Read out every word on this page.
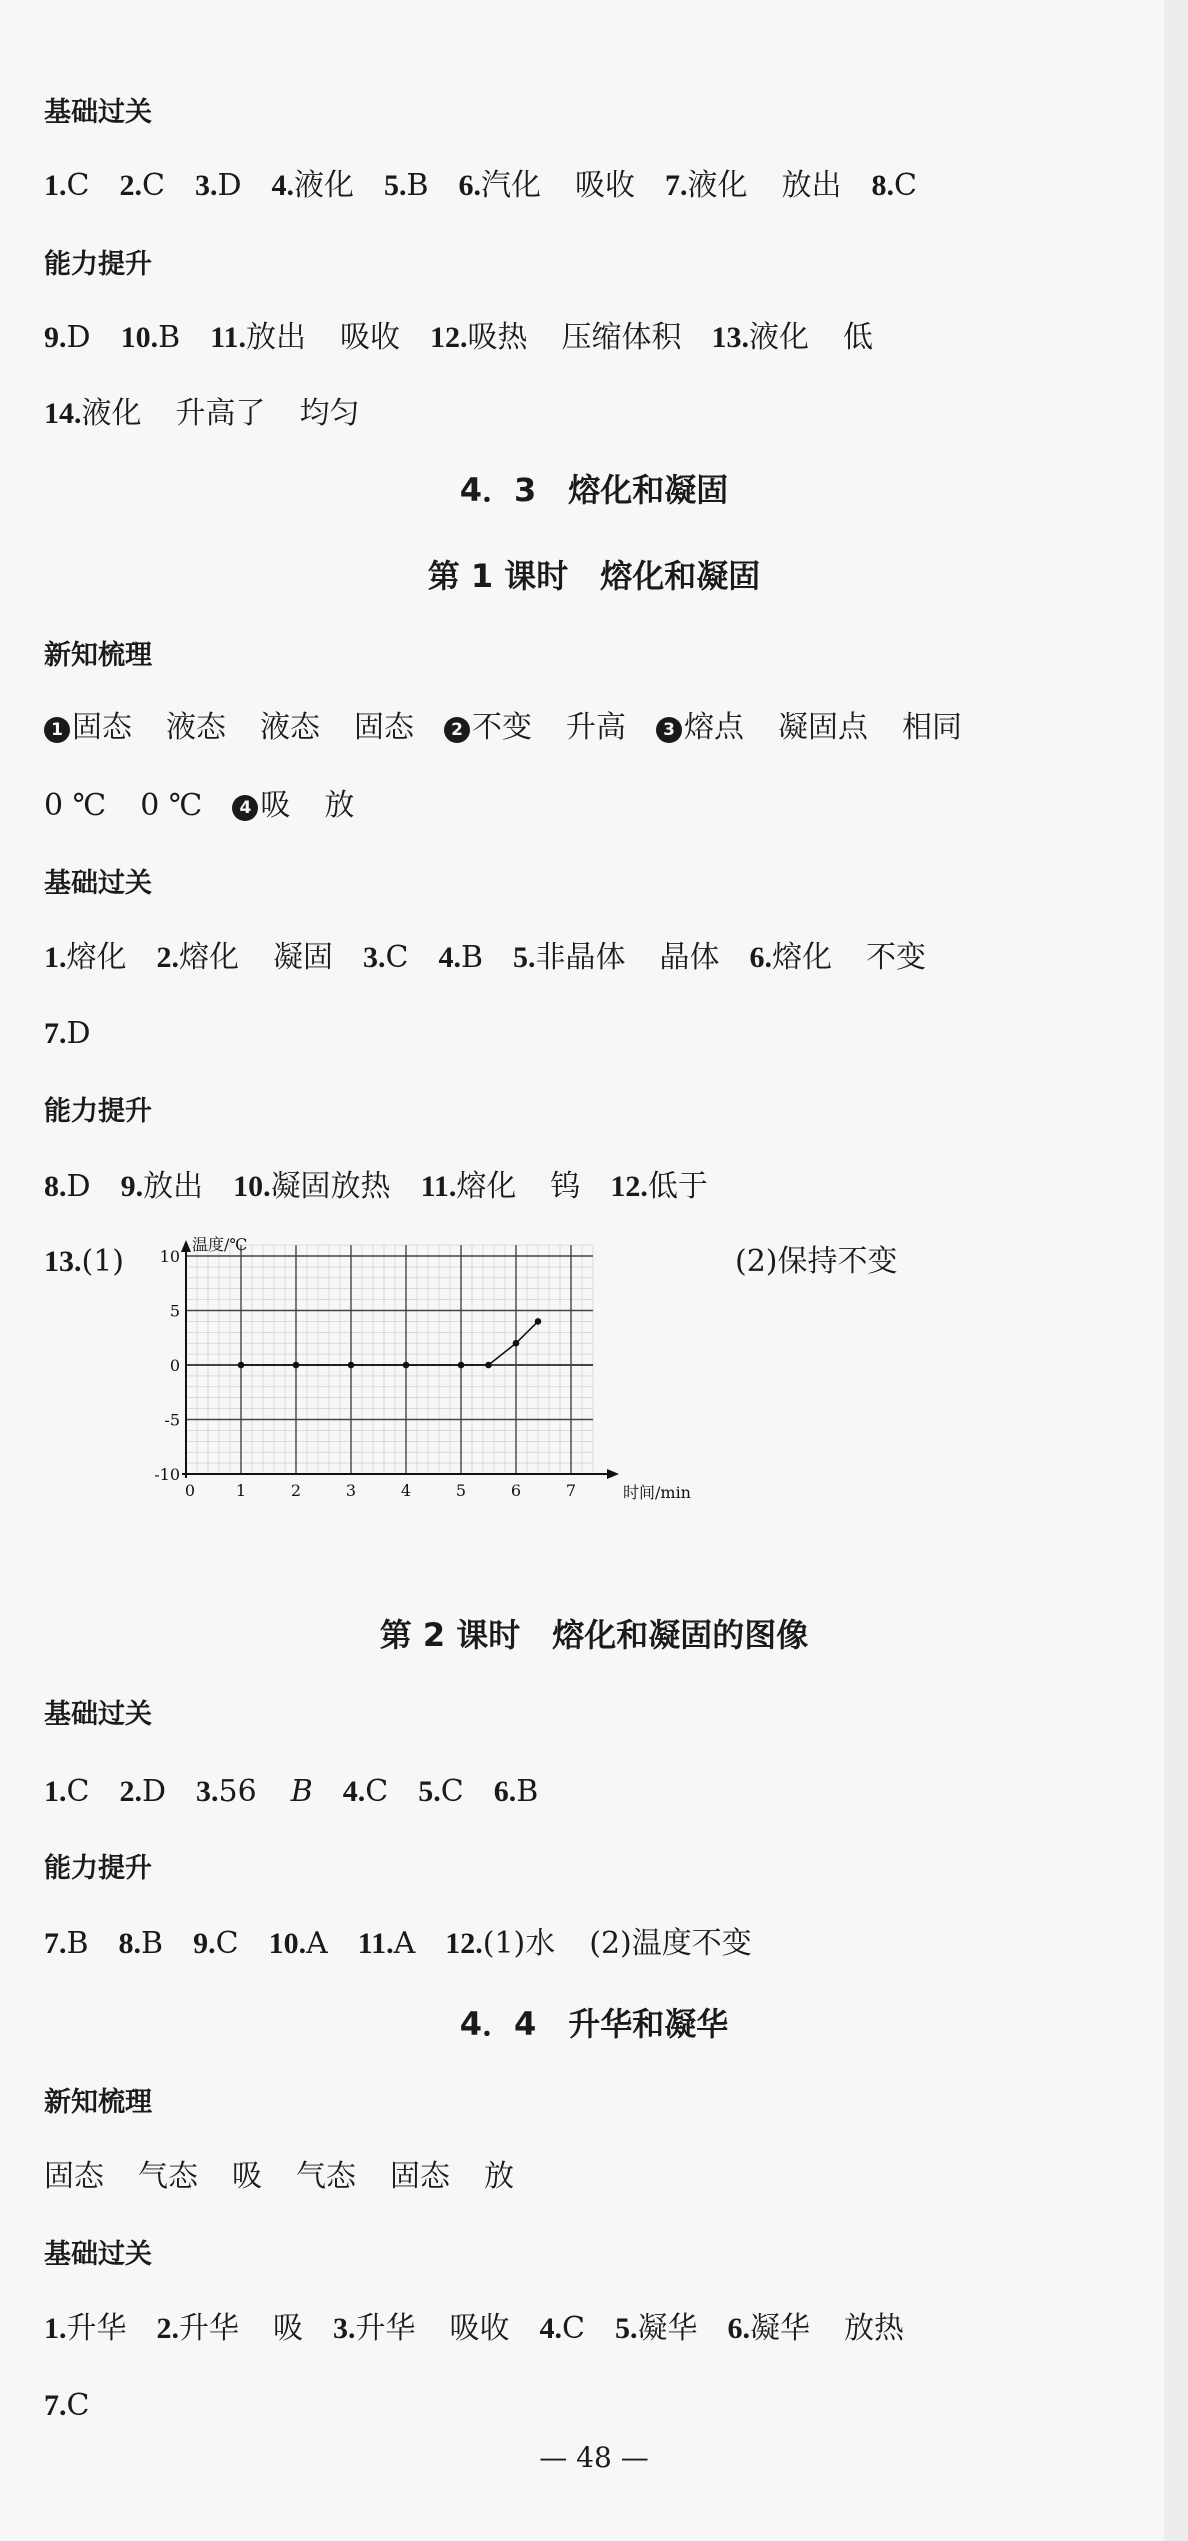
基础过关
1.C 2.C 3.D 4.液化 5.B 6.汽化 吸收 7.液化 放出 8.C
能力提升
9.D 10.B 11.放出 吸收 12.吸热 压缩体积 13.液化 低
14.液化 升高了 均匀
4．3　熔化和凝固
第 1 课时　熔化和凝固
新知梳理
1 固态 液态 液态 固态 2 不变 升高 3 熔点 凝固点 相同
0 ℃ 0 ℃ 4 吸 放
基础过关
1.熔化 2.熔化 凝固 3.C 4.B 5.非晶体 晶体 6.熔化 不变
7.D
能力提升
8.D 9.放出 10.凝固放热 11.熔化 钨 12.低于
13.(1)	(2)保持不变
10
5
0
-5
-10
0	1	2	3	4	5	6	7
温度/℃
时间/min
第 2 课时　熔化和凝固的图像
基础过关
1.C 2.D 3.56 B 4.C 5.C 6.B
能力提升
7.B 8.B 9.C 10.A 11.A 12.(1)水 (2)温度不变
4．4　升华和凝华
新知梳理
固态 气态 吸 气态 固态 放
基础过关
1.升华 2.升华 吸 3.升华 吸收 4.C 5.凝华 6.凝华 放热
7.C
— 48 —
